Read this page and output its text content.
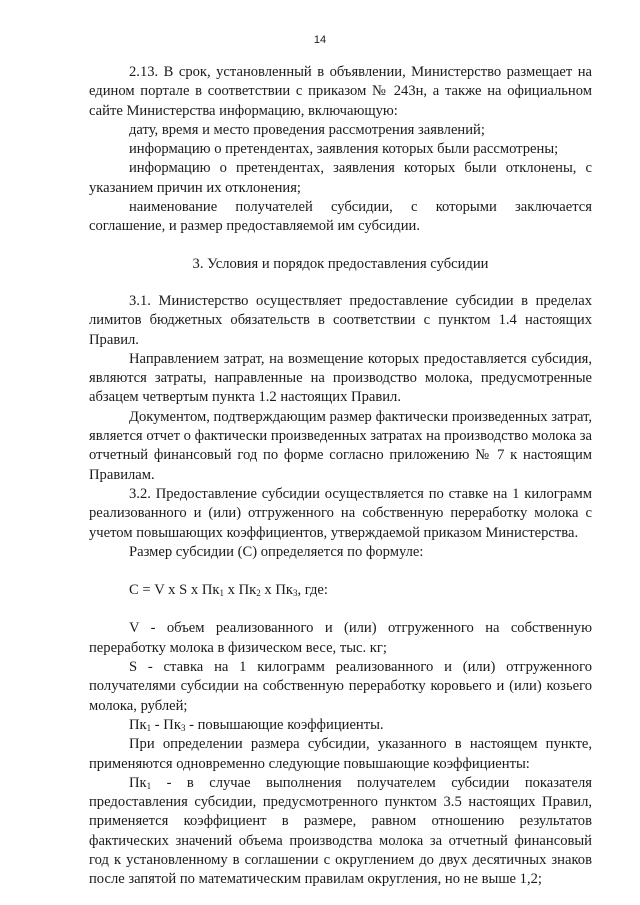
14

2.13. В срок, установленный в объявлении, Министерство размещает на едином портале в соответствии с приказом № 243н, а также на официальном сайте Министерства информацию, включающую:

дату, время и место проведения рассмотрения заявлений;

информацию о претендентах, заявления которых были рассмотрены;

информацию о претендентах, заявления которых были отклонены, с указанием причин их отклонения;

наименование получателей субсидии, с которыми заключается соглашение, и размер предоставляемой им субсидии.

3. Условия и порядок предоставления субсидии

3.1. Министерство осуществляет предоставление субсидии в пределах лимитов бюджетных обязательств в соответствии с пунктом 1.4 настоящих Правил.

Направлением затрат, на возмещение которых предоставляется субсидия, являются затраты, направленные на производство молока, предусмотренные абзацем четвертым пункта 1.2 настоящих Правил.

Документом, подтверждающим размер фактически произведенных затрат, является отчет о фактически произведенных затратах на производство молока за отчетный финансовый год по форме согласно приложению № 7 к настоящим Правилам.

3.2. Предоставление субсидии осуществляется по ставке на 1 килограмм реализованного и (или) отгруженного на собственную переработку молока с учетом повышающих коэффициентов, утверждаемой приказом Министерства.

Размер субсидии (С) определяется по формуле:

С = V x S x $Пк_1$ x $Пк_2$ x $Пк_3$, где:

V - объем реализованного и (или) отгруженного на собственную переработку молока в физическом весе, тыс. кг;

S - ставка на 1 килограмм реализованного и (или) отгруженного получателями субсидии на собственную переработку коровьего и (или) козьего молока, рублей;

$Пк_1 - Пк_3$ - повышающие коэффициенты.

При определении размера субсидии, указанного в настоящем пункте, применяются одновременно следующие повышающие коэффициенты:

$Пк_1$ - в случае выполнения получателем субсидии показателя предоставления субсидии, предусмотренного пунктом 3.5 настоящих Правил, применяется коэффициент в размере, равном отношению результатов фактических значений объема производства молока за отчетный финансовый год к установленному в соглашении с округлением до двух десятичных знаков после запятой по математическим правилам округления, но не выше 1,2;
